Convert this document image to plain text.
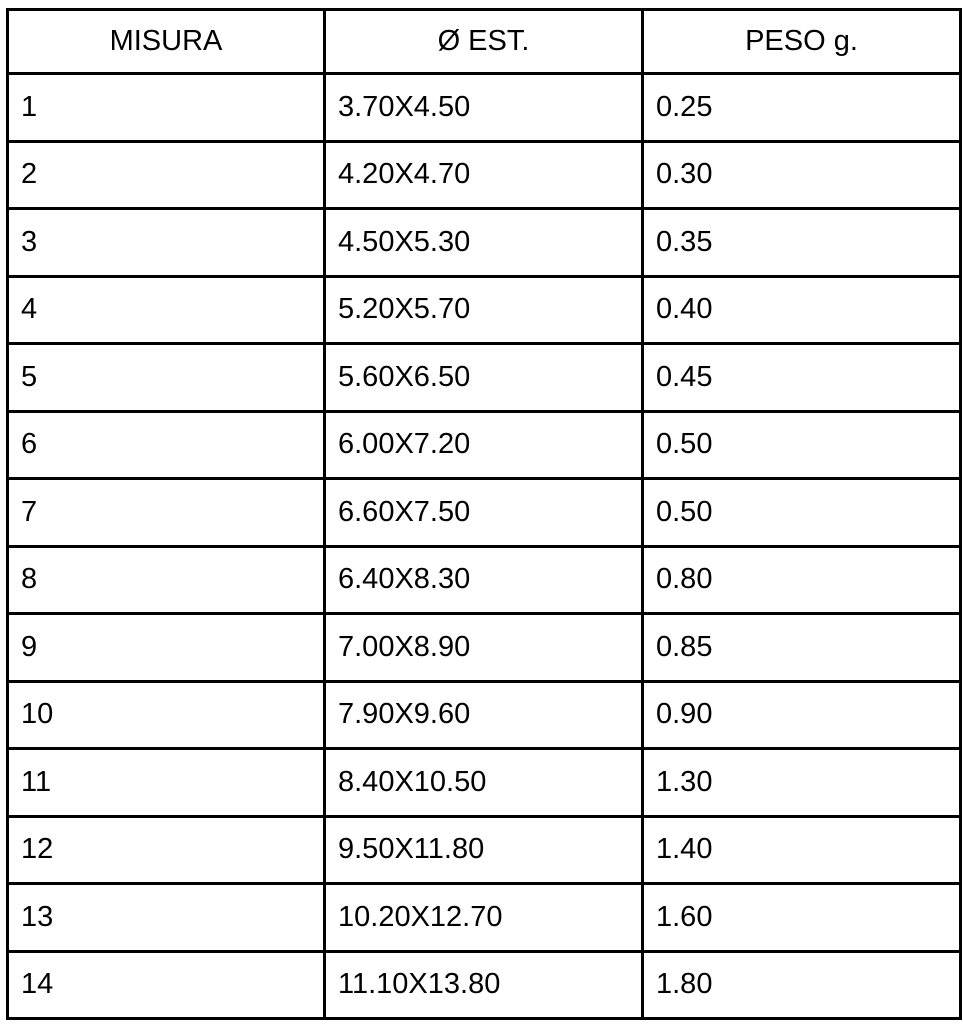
MISURA	Ø EST.	PESO g.
1	3.70X4.50	0.25
2	4.20X4.70	0.30
3	4.50X5.30	0.35
4	5.20X5.70	0.40
5	5.60X6.50	0.45
6	6.00X7.20	0.50
7	6.60X7.50	0.50
8	6.40X8.30	0.80
9	7.00X8.90	0.85
10	7.90X9.60	0.90
11	8.40X10.50	1.30
12	9.50X11.80	1.40
13	10.20X12.70	1.60
14	11.10X13.80	1.80
